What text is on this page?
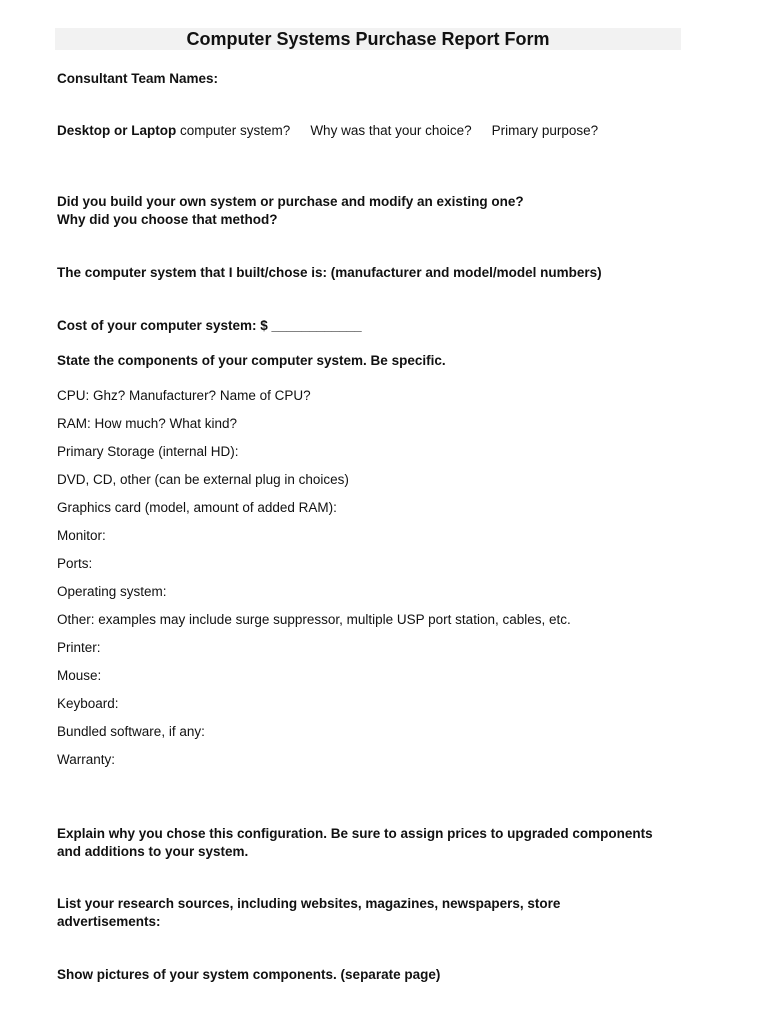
Computer Systems Purchase Report Form
Consultant Team Names:
Desktop or Laptop computer system? Why was that your choice? Primary purpose?
Did you build your own system or purchase and modify an existing one?
Why did you choose that method?
The computer system that I built/chose is: (manufacturer and model/model numbers)
Cost of your computer system: $ ____________
State the components of your computer system. Be specific.
CPU: Ghz? Manufacturer? Name of CPU?
RAM: How much? What kind?
Primary Storage (internal HD):
DVD, CD, other (can be external plug in choices)
Graphics card (model, amount of added RAM):
Monitor:
Ports:
Operating system:
Other: examples may include surge suppressor, multiple USP port station, cables, etc.
Printer:
Mouse:
Keyboard:
Bundled software, if any:
Warranty:
Explain why you chose this configuration. Be sure to assign prices to upgraded components
and additions to your system.
List your research sources, including websites, magazines, newspapers, store
advertisements:
Show pictures of your system components. (separate page)
